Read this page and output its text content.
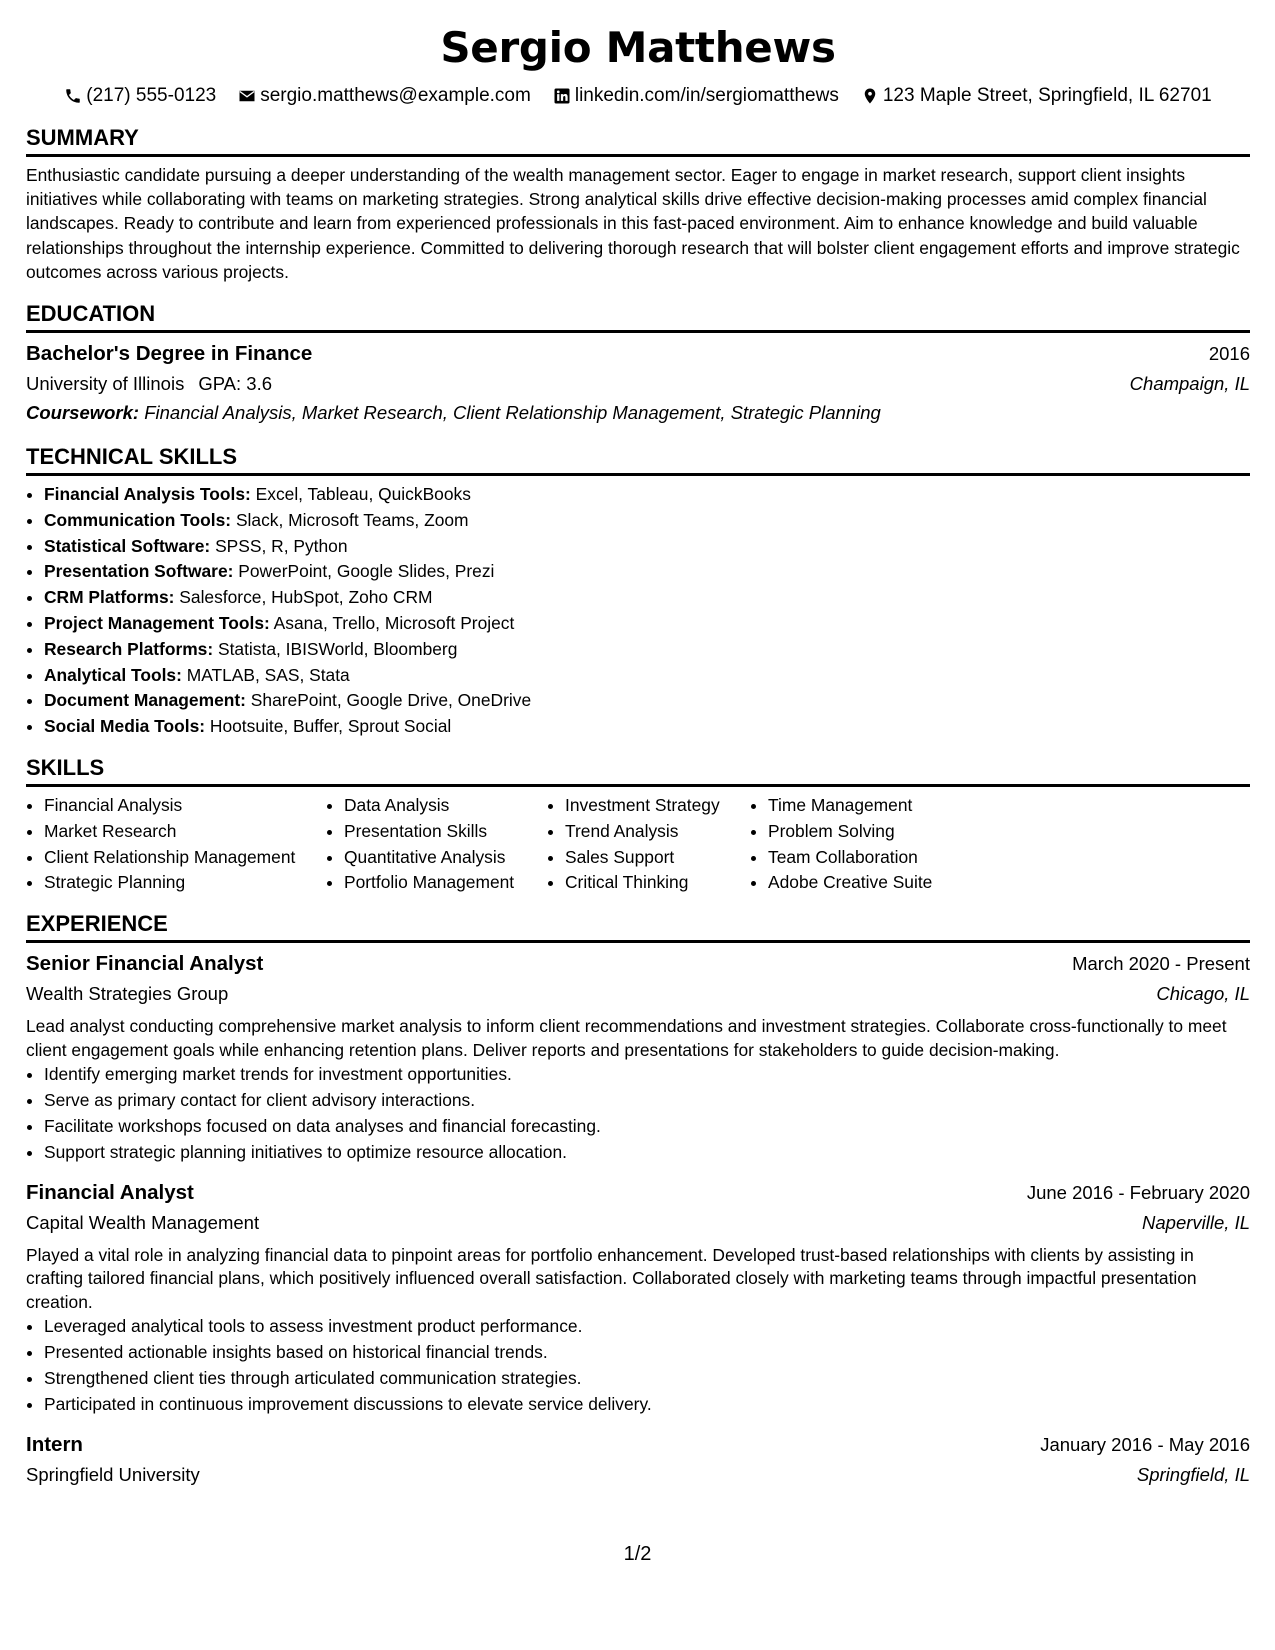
Sergio Matthews
(217) 555-0123 sergio.matthews@example.com linkedin.com/in/sergiomatthews 123 Maple Street, Springfield, IL 62701
SUMMARY

Enthusiastic candidate pursuing a deeper understanding of the wealth management sector. Eager to engage in market research, support client insights initiatives while collaborating with teams on marketing strategies. Strong analytical skills drive effective decision-making processes amid complex financial landscapes. Ready to contribute and learn from experienced professionals in this fast-paced environment. Aim to enhance knowledge and build valuable relationships throughout the internship experience. Committed to delivering thorough research that will bolster client engagement efforts and improve strategic outcomes across various projects.

EDUCATION
Bachelor's Degree in Finance	2016
University of Illinois GPA: 3.6	Champaign, IL
Coursework: Financial Analysis, Market Research, Client Relationship Management, Strategic Planning
TECHNICAL SKILLS
• Financial Analysis Tools: Excel, Tableau, QuickBooks
• Communication Tools: Slack, Microsoft Teams, Zoom
• Statistical Software: SPSS, R, Python
• Presentation Software: PowerPoint, Google Slides, Prezi
• CRM Platforms: Salesforce, HubSpot, Zoho CRM
• Project Management Tools: Asana, Trello, Microsoft Project
• Research Platforms: Statista, IBISWorld, Bloomberg
• Analytical Tools: MATLAB, SAS, Stata
• Document Management: SharePoint, Google Drive, OneDrive
• Social Media Tools: Hootsuite, Buffer, Sprout Social
SKILLS
• Financial Analysis
• Market Research
• Client Relationship Management
• Strategic Planning
• Data Analysis
• Presentation Skills
• Quantitative Analysis
• Portfolio Management
• Investment Strategy
• Trend Analysis
• Sales Support
• Critical Thinking
• Time Management
• Problem Solving
• Team Collaboration
• Adobe Creative Suite
EXPERIENCE
Senior Financial Analyst	March 2020 - Present
Wealth Strategies Group	Chicago, IL

Lead analyst conducting comprehensive market analysis to inform client recommendations and investment strategies. Collaborate cross-functionally to meet client engagement goals while enhancing retention plans. Deliver reports and presentations for stakeholders to guide decision-making.

• Identify emerging market trends for investment opportunities.
• Serve as primary contact for client advisory interactions.
• Facilitate workshops focused on data analyses and financial forecasting.
• Support strategic planning initiatives to optimize resource allocation.
Financial Analyst	June 2016 - February 2020
Capital Wealth Management	Naperville, IL

Played a vital role in analyzing financial data to pinpoint areas for portfolio enhancement. Developed trust-based relationships with clients by assisting in crafting tailored financial plans, which positively influenced overall satisfaction. Collaborated closely with marketing teams through impactful presentation creation.

• Leveraged analytical tools to assess investment product performance.
• Presented actionable insights based on historical financial trends.
• Strengthened client ties through articulated communication strategies.
• Participated in continuous improvement discussions to elevate service delivery.
Intern	January 2016 - May 2016
Springfield University	Springfield, IL
1/2
